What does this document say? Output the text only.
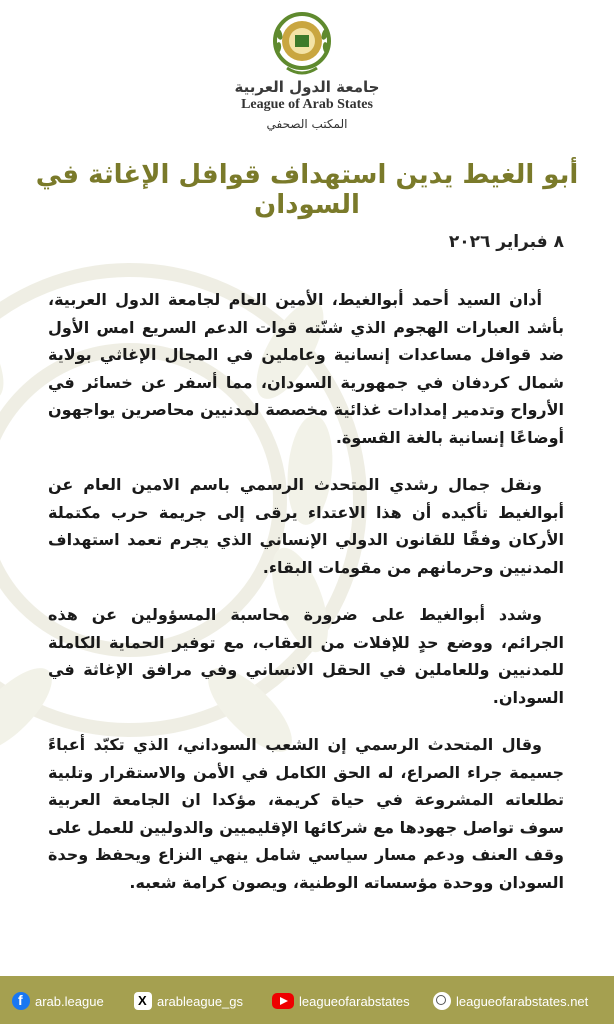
جامعة الدول العربية
League of Arab States
المكتب الصحفي
أبو الغيط يدين استهداف قوافل الإغاثة في السودان
٨ فبراير ٢٠٢٦

أدان السيد أحمد أبوالغيط، الأمين العام لجامعة الدول العربية، بأشد العبارات الهجوم الذي شنّته قوات الدعم السريع امس الأول ضد قوافل مساعدات إنسانية وعاملين في المجال الإغاثي بولاية شمال كردفان في جمهورية السودان، مما أسفر عن خسائر في الأرواح وتدمير إمدادات غذائية مخصصة لمدنيين محاصرين يواجهون أوضاعًا إنسانية بالغة القسوة.

ونقل جمال رشدي المتحدث الرسمي باسم الامين العام عن أبوالغيط تأكيده أن هذا الاعتداء يرقى إلى جريمة حرب مكتملة الأركان وفقًا للقانون الدولي الإنساني الذي يجرم تعمد استهداف المدنيين وحرمانهم من مقومات البقاء.

وشدد أبوالغيط على ضرورة محاسبة المسؤولين عن هذه الجرائم، ووضع حدٍ للإفلات من العقاب، مع توفير الحماية الكاملة للمدنيين وللعاملين في الحقل الانساني وفي مرافق الإغاثة في السودان.

وقال المتحدث الرسمي إن الشعب السوداني، الذي تكبّد أعباءً جسيمة جراء الصراع، له الحق الكامل في الأمن والاستقرار وتلبية تطلعاته المشروعة في حياة كريمة، مؤكدا ان الجامعة العربية سوف تواصل جهودها مع شركائها الإقليميين والدوليين للعمل على وقف العنف ودعم مسار سياسي شامل ينهي النزاع ويحفظ وحدة السودان ووحدة مؤسساته الوطنية، ويصون كرامة شعبه.

f
arab.league
X	arableague_gs	leagueofarabstates	leagueofarabstates.net
